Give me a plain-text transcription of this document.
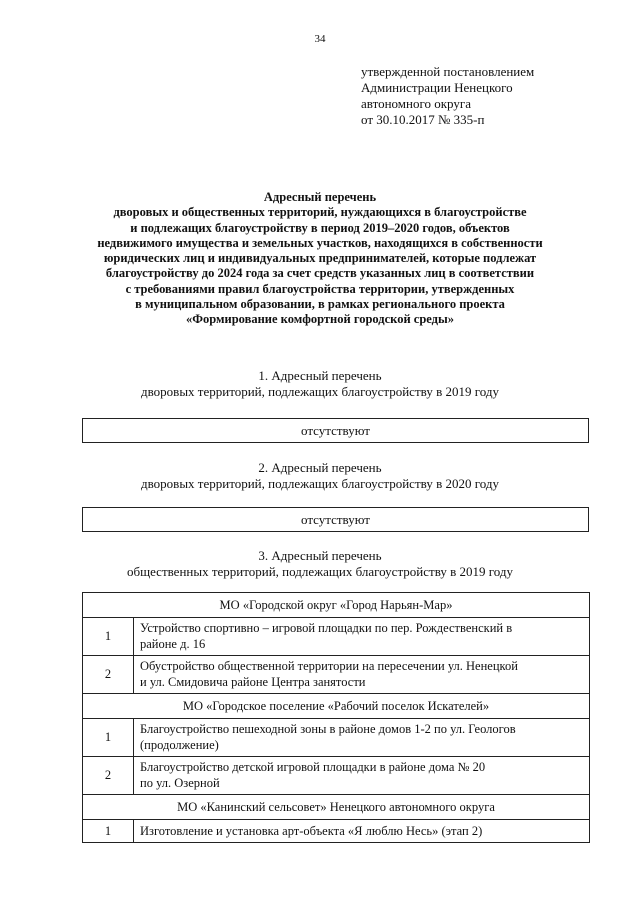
34
утвержденной постановлением
Администрации Ненецкого
автономного округа
от 30.10.2017 № 335-п
Адресный перечень
дворовых и общественных территорий, нуждающихся в благоустройстве
и подлежащих благоустройству в период 2019–2020 годов, объектов
недвижимого имущества и земельных участков, находящихся в собственности
юридических лиц и индивидуальных предпринимателей, которые подлежат
благоустройству до 2024 года за счет средств указанных лиц в соответствии
с требованиями правил благоустройства территории, утвержденных
в муниципальном образовании, в рамках регионального проекта
«Формирование комфортной городской среды»
1. Адресный перечень
дворовых территорий, подлежащих благоустройству в 2019 году
отсутствуют
2. Адресный перечень
дворовых территорий, подлежащих благоустройству в 2020 году
отсутствуют
3. Адресный перечень
общественных территорий, подлежащих благоустройству в 2019 году
МО «Городской округ «Город Нарьян-Мар»	
1	Устройство спортивно – игровой площадки по пер. Рождественский в
районе д. 16

2	Обустройство общественной территории на пересечении ул. Ненецкой
и ул. Смидовича районе Центра занятости

МО «Городское поселение «Рабочий поселок Искателей»	
1	Благоустройство пешеходной зоны в районе домов 1-2 по ул. Геологов
(продолжение)

2	Благоустройство детской игровой площадки в районе дома № 20
по ул. Озерной

МО «Канинский сельсовет» Ненецкого автономного округа	
1	Изготовление и установка арт-объекта «Я люблю Несь» (этап 2)
